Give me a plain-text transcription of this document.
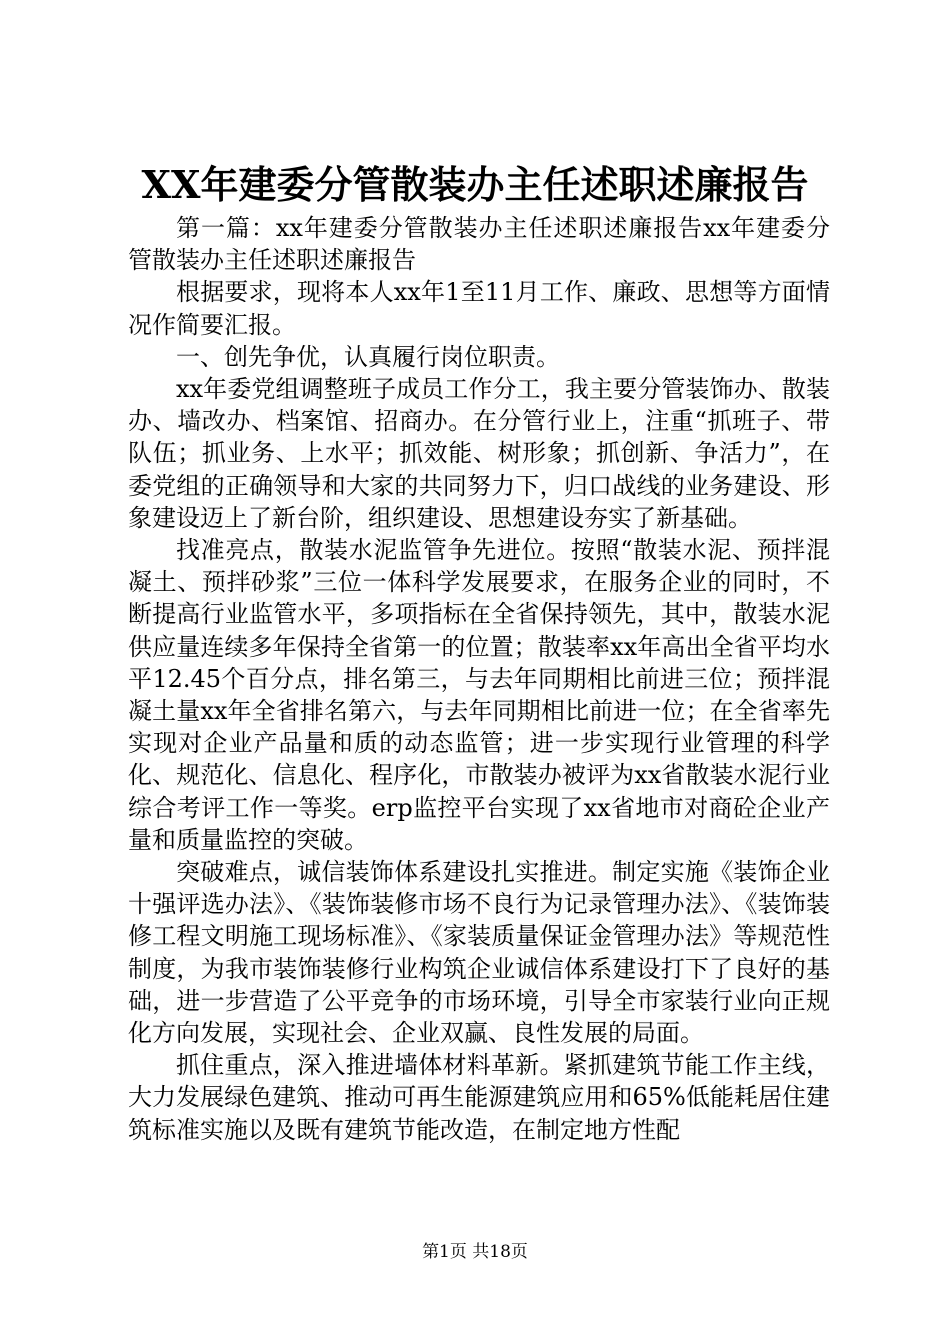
XX年建委分管散装办主任述职述廉报告

第一篇：xx年建委分管散装办主任述职述廉报告xx年建委分管散装办主任述职述廉报告

根据要求，现将本人xx年1至11月工作、廉政、思想等方面情况作简要汇报。

一、创先争优，认真履行岗位职责。

xx年委党组调整班子成员工作分工，我主要分管装饰办、散装办、墙改办、档案馆、招商办。在分管行业上，注重“抓班子、带队伍；抓业务、上水平；抓效能、树形象；抓创新、争活力”，在委党组的正确领导和大家的共同努力下，归口战线的业务建设、形象建设迈上了新台阶，组织建设、思想建设夯实了新基础。

找准亮点，散装水泥监管争先进位。按照“散装水泥、预拌混凝土、预拌砂浆”三位一体科学发展要求，在服务企业的同时，不断提高行业监管水平，多项指标在全省保持领先，其中，散装水泥供应量连续多年保持全省第一的位置；散装率xx年高出全省平均水平12.45个百分点，排名第三，与去年同期相比前进三位；预拌混凝土量xx年全省排名第六，与去年同期相比前进一位；在全省率先实现对企业产品量和质的动态监管；进一步实现行业管理的科学化、规范化、信息化、程序化，市散装办被评为xx省散装水泥行业综合考评工作一等奖。erp监控平台实现了xx省地市对商砼企业产量和质量监控的突破。

突破难点，诚信装饰体系建设扎实推进。制定实施《装饰企业十强评选办法》、《装饰装修市场不良行为记录管理办法》、《装饰装修工程文明施工现场标准》、《家装质量保证金管理办法》等规范性制度，为我市装饰装修行业构筑企业诚信体系建设打下了良好的基础，进一步营造了公平竞争的市场环境，引导全市家装行业向正规化方向发展，实现社会、企业双赢、良性发展的局面。

抓住重点，深入推进墙体材料革新。紧抓建筑节能工作主线，大力发展绿色建筑、推动可再生能源建筑应用和65%低能耗居住建筑标准实施以及既有建筑节能改造，在制定地方性配

第1页 共18页
